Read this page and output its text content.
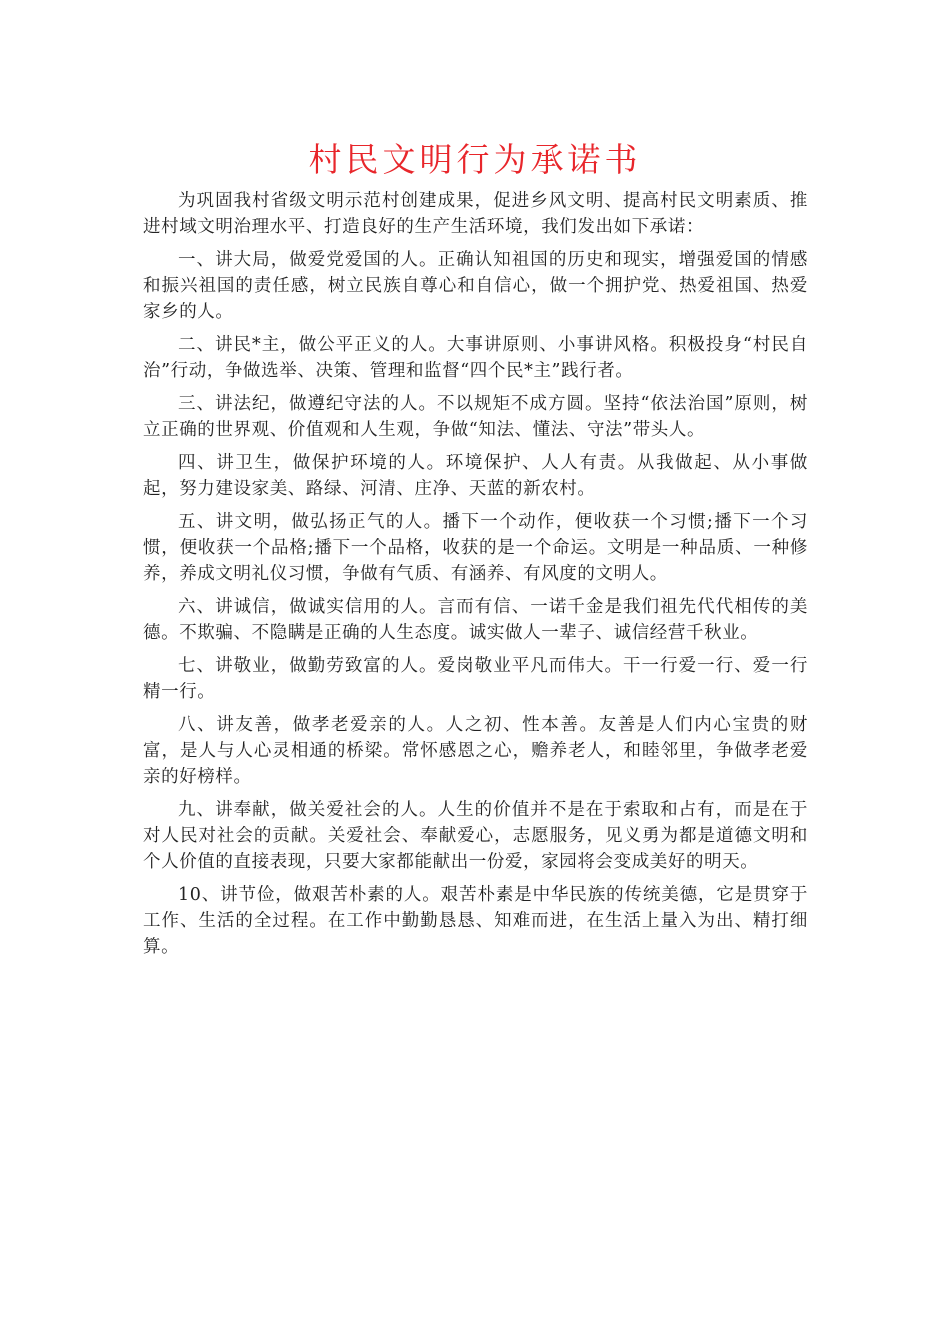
村民文明行为承诺书

为巩固我村省级文明示范村创建成果，促进乡风文明、提高村民文明素质、推进村域文明治理水平、打造良好的生产生活环境，我们发出如下承诺：

一、讲大局，做爱党爱国的人。正确认知祖国的历史和现实，增强爱国的情感和振兴祖国的责任感，树立民族自尊心和自信心，做一个拥护党、热爱祖国、热爱家乡的人。

二、讲民*主，做公平正义的人。大事讲原则、小事讲风格。积极投身“村民自治”行动，争做选举、决策、管理和监督“四个民*主”践行者。

三、讲法纪，做遵纪守法的人。不以规矩不成方圆。坚持“依法治国”原则，树立正确的世界观、价值观和人生观，争做“知法、懂法、守法”带头人。

四、讲卫生，做保护环境的人。环境保护、人人有责。从我做起、从小事做起，努力建设家美、路绿、河清、庄净、天蓝的新农村。

五、讲文明，做弘扬正气的人。播下一个动作，便收获一个习惯;播下一个习惯，便收获一个品格;播下一个品格，收获的是一个命运。文明是一种品质、一种修养，养成文明礼仪习惯，争做有气质、有涵养、有风度的文明人。

六、讲诚信，做诚实信用的人。言而有信、一诺千金是我们祖先代代相传的美德。不欺骗、不隐瞒是正确的人生态度。诚实做人一辈子、诚信经营千秋业。

七、讲敬业，做勤劳致富的人。爱岗敬业平凡而伟大。干一行爱一行、爱一行精一行。

八、讲友善，做孝老爱亲的人。人之初、性本善。友善是人们内心宝贵的财富，是人与人心灵相通的桥梁。常怀感恩之心，赡养老人，和睦邻里，争做孝老爱亲的好榜样。

九、讲奉献，做关爱社会的人。人生的价值并不是在于索取和占有，而是在于对人民对社会的贡献。关爱社会、奉献爱心，志愿服务，见义勇为都是道德文明和个人价值的直接表现，只要大家都能献出一份爱，家园将会变成美好的明天。

10、讲节俭，做艰苦朴素的人。艰苦朴素是中华民族的传统美德，它是贯穿于工作、生活的全过程。在工作中勤勤恳恳、知难而进，在生活上量入为出、精打细算。
